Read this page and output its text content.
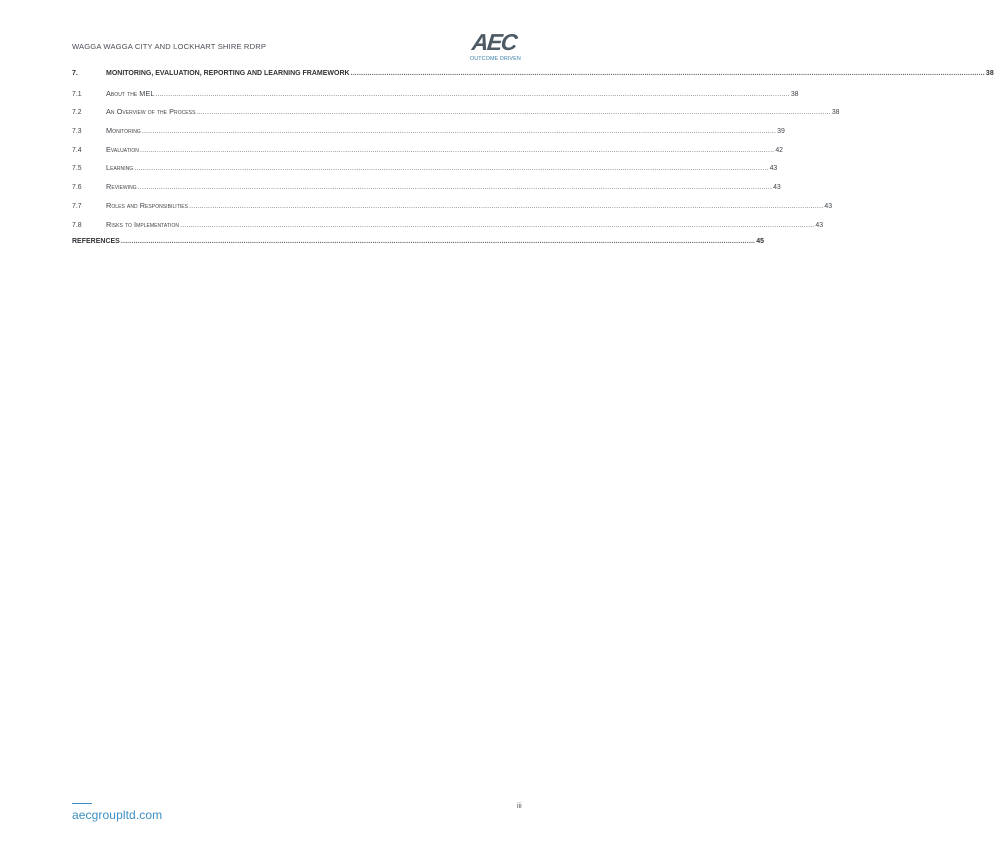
WAGGA WAGGA CITY AND LOCKHART SHIRE RDRP	AEC
OUTCOME DRIVEN
7.	MONITORING, EVALUATION, REPORTING AND LEARNING FRAMEWORK ............................................................................................................................................................................................................................................................................................................ 38
7.1	About the MEL ............................................................................................................................................................................................................................................................................................................ 38
7.2	An Overview of the Process ............................................................................................................................................................................................................................................................................................................ 38
7.3	Monitoring ............................................................................................................................................................................................................................................................................................................ 39
7.4	Evaluation ............................................................................................................................................................................................................................................................................................................ 42
7.5	Learning ............................................................................................................................................................................................................................................................................................................ 43
7.6	Reviewing ............................................................................................................................................................................................................................................................................................................ 43
7.7	Roles and Responsibilities ............................................................................................................................................................................................................................................................................................................ 43
7.8	Risks to Implementation ............................................................................................................................................................................................................................................................................................................ 43
REFERENCES ............................................................................................................................................................................................................................................................................................................ 45
aecgroupltd.com
iii
